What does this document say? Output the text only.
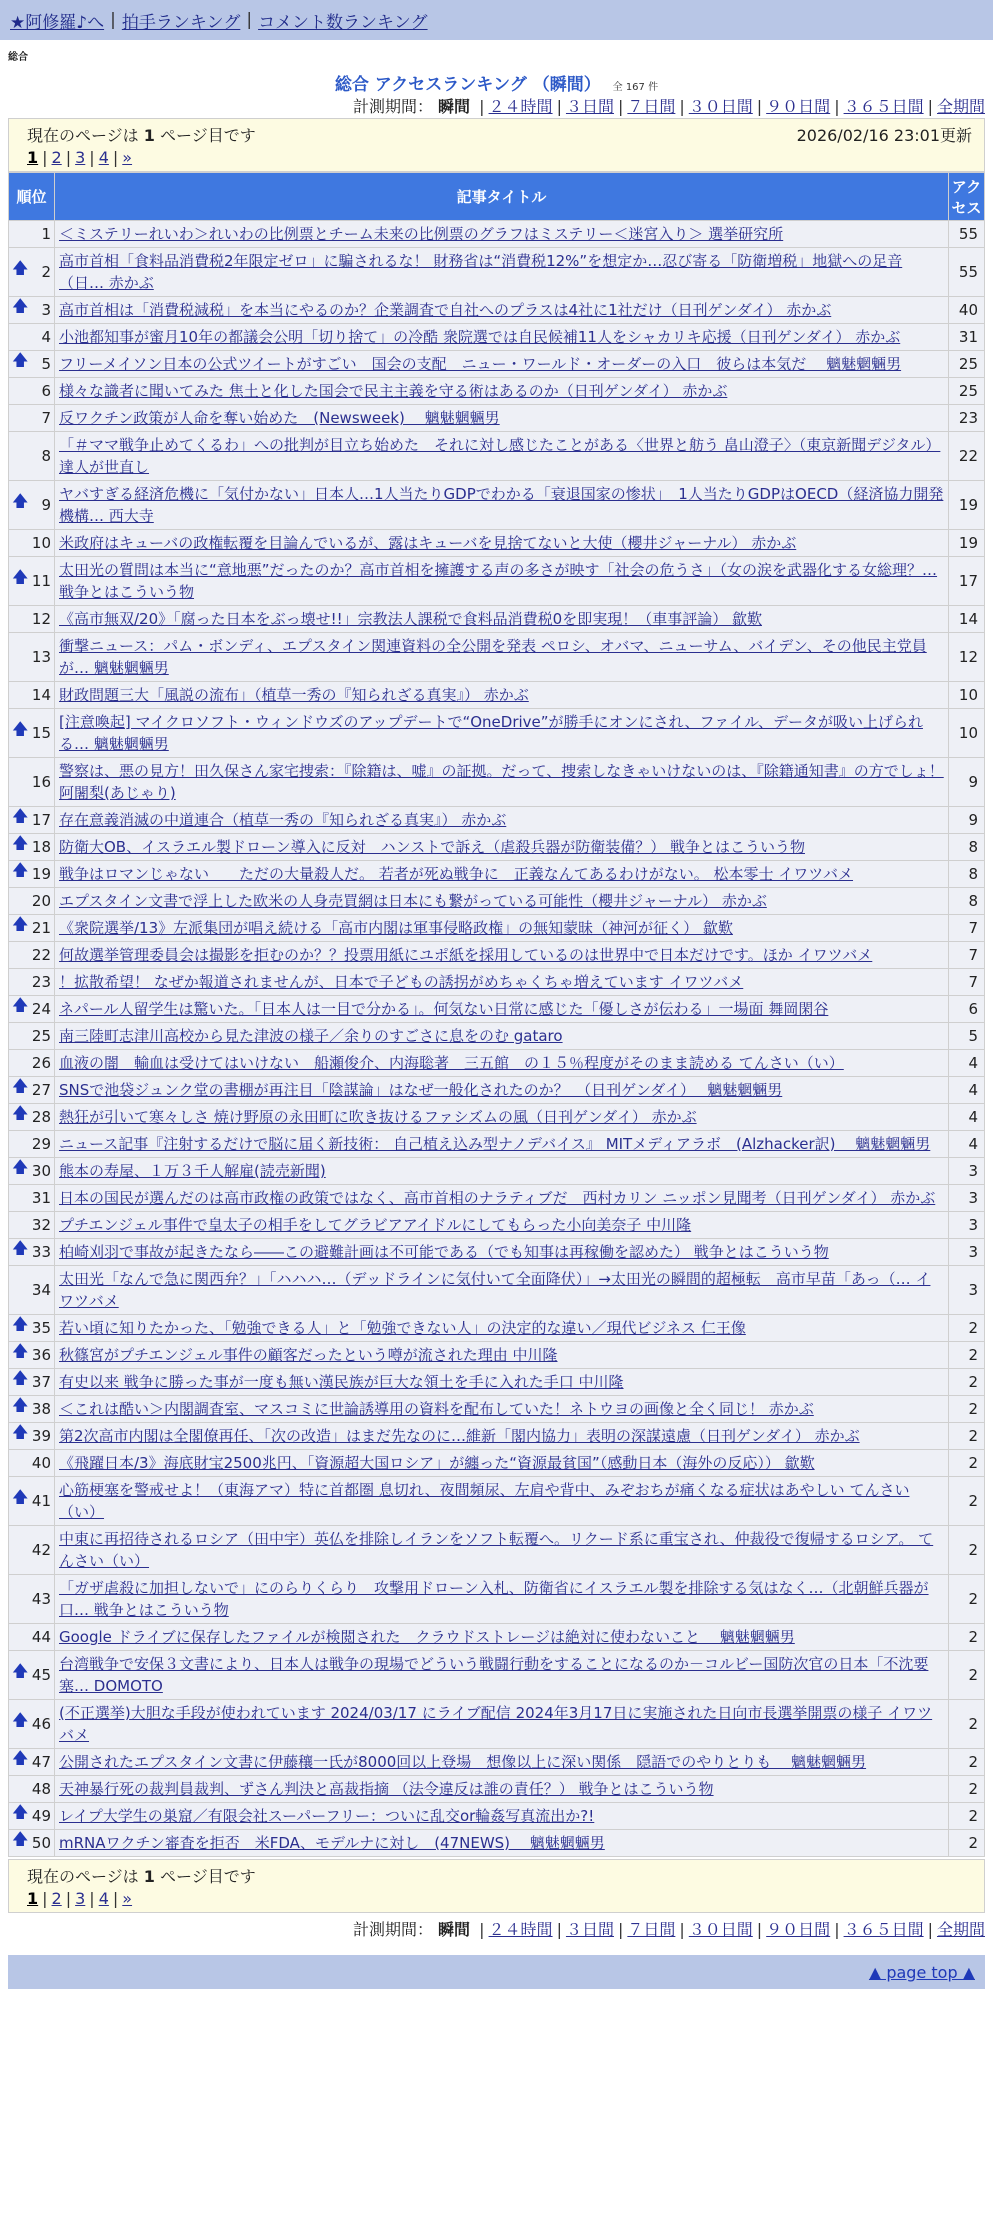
★阿修羅♪へ | 拍手ランキング | コメント数ランキング
総合
総合 アクセスランキング （瞬間） 全 167 件
計測期間： 瞬間 | ２４時間 | ３日間 | ７日間 | ３０日間 | ９０日間 | ３６５日間 | 全期間
現在のページは 1 ページ目です	2026/02/16 23:01更新
1 | 2 | 3 | 4 | »
順位	記事タイトル	アクセス
1	＜ミステリーれいわ＞れいわの比例票とチーム未来の比例票のグラフはミステリー＜迷宮入り＞ 選挙研究所	55

🡅 2	高市首相「食料品消費税2年限定ゼロ」に騙されるな！ 財務省は“消費税12%”を想定か…忍び寄る「防衛増税」地獄への足音（日… 赤かぶ	55

🡅 3	高市首相は「消費税減税」を本当にやるのか？企業調査で自社へのプラスは4社に1社だけ（日刊ゲンダイ） 赤かぶ	40
4	小池都知事が蜜月10年の都議会公明「切り捨て」の冷酷 衆院選では自民候補11人をシャカリキ応援（日刊ゲンダイ） 赤かぶ	31

🡅 5	フリーメイソン日本の公式ツイートがすごい　国会の支配　ニュー・ワールド・オーダーの入口　彼らは本気だ　 魑魅魍魎男	25
6	様々な識者に聞いてみた 焦土と化した国会で民主主義を守る術はあるのか（日刊ゲンダイ） 赤かぶ	25
7	反ワクチン政策が人命を奪い始めた　(Newsweek)　 魑魅魍魎男	23
8	「＃ママ戦争止めてくるわ」への批判が目立ち始めた　それに対し感じたことがある〈世界と舫う 畠山澄子〉（東京新聞デジタル） 達人が世直し	22

🡅 9	ヤバすぎる経済危機に「気付かない」日本人…1人当たりGDPでわかる「衰退国家の惨状」　1人当たりGDPはOECD（経済協力開発機構… 西大寺	19
10	米政府はキューバの政権転覆を目論んでいるが、露はキューバを見捨てないと大使（櫻井ジャーナル） 赤かぶ	19

🡅 11	太田光の質問は本当に“意地悪”だったのか？高市首相を擁護する声の多さが映す「社会の危うさ」（女の涙を武器化する女総理？… 戦争とはこういう物	17
12	《高市無双/20》「腐った日本をぶっ壊せ!!」宗教法人課税で食料品消費税0を即実現！（車事評論） 歙歎	14
13	衝撃ニュース：パム・ボンディ、エプスタイン関連資料の全公開を発表 ペロシ、オバマ、ニューサム、バイデン、その他民主党員が… 魑魅魍魎男	12
14	財政問題三大「風説の流布」（植草一秀の『知られざる真実』） 赤かぶ	10

🡅 15	[注意喚起] マイクロソフト・ウィンドウズのアップデートで“OneDrive”が勝手にオンにされ、ファイル、データが吸い上げられる… 魑魅魍魎男	10
16	警察は、悪の見方！田久保さん家宅捜索：『除籍は、嘘』の証拠。だって、捜索しなきゃいけないのは、『除籍通知書』の方でしょ！ 阿闍梨(あじゃり)	9

🡅 17	存在意義消滅の中道連合（植草一秀の『知られざる真実』） 赤かぶ	9

🡅 18	防衛大OB、イスラエル製ドローン導入に反対　ハンストで訴え（虐殺兵器が防衛装備？） 戦争とはこういう物	8

🡅 19	戦争はロマンじゃない　　ただの大量殺人だ。 若者が死ぬ戦争に　正義なんてあるわけがない。 松本零士 イワツバメ	8
20	エプスタイン文書で浮上した欧米の人身売買網は日本にも繋がっている可能性（櫻井ジャーナル） 赤かぶ	8

🡅 21	《衆院選挙/13》左派集団が唱え続ける「高市内閣は軍事侵略政権」の無知蒙昧（神河が征く） 歙歎	7
22	何故選挙管理委員会は撮影を拒むのか？？投票用紙にユポ紙を採用しているのは世界中で日本だけです。ほか イワツバメ	7
23	！拡散希望！ なぜか報道されませんが、日本で子どもの誘拐がめちゃくちゃ増えています イワツバメ	7

🡅 24	ネパール人留学生は驚いた。「日本人は一目で分かる」。何気ない日常に感じた「優しさが伝わる」一場面 舞岡閑谷	6
25	南三陸町志津川高校から見た津波の様子／余りのすごさに息をのむ gataro	5
26	血液の闇　輸血は受けてはいけない　船瀬俊介、内海聡著　三五館　の１５％程度がそのまま読める てんさい（い）	4

🡅 27	SNSで池袋ジュンク堂の書棚が再注目「陰謀論」はなぜ一般化されたのか？　（日刊ゲンダイ）　 魑魅魍魎男	4

🡅 28	熱狂が引いて寒々しさ 焼け野原の永田町に吹き抜けるファシズムの風（日刊ゲンダイ） 赤かぶ	4
29	ニュース記事『注射するだけで脳に届く新技術： 自己植え込み型ナノデバイス』 MITメディアラボ　(Alzhacker訳)　 魑魅魍魎男	4

🡅 30	熊本の寿屋、１万３千人解雇(読売新聞)	3
31	日本の国民が選んだのは高市政権の政策ではなく、高市首相のナラティブだ　西村カリン ニッポン見聞考（日刊ゲンダイ） 赤かぶ	3
32	プチエンジェル事件で皇太子の相手をしてグラビアアイドルにしてもらった小向美奈子 中川隆	3

🡅 33	柏崎刈羽で事故が起きたなら――この避難計画は不可能である（でも知事は再稼働を認めた） 戦争とはこういう物	3
34	太田光「なんで急に関西弁？」「ハハハ…（デッドラインに気付いて全面降伏）」→太田光の瞬間的超極転　高市早苗「あっ（… イワツバメ	3

🡅 35	若い頃に知りたかった、「勉強できる人」と「勉強できない人」の決定的な違い／現代ビジネス 仁王像	2

🡅 36	秋篠宮がプチエンジェル事件の顧客だったという噂が流された理由 中川隆	2

🡅 37	有史以来 戦争に勝った事が一度も無い漢民族が巨大な領土を手に入れた手口 中川隆	2

🡅 38	＜これは酷い＞内閣調査室、マスコミに世論誘導用の資料を配布していた！ネトウヨの画像と全く同じ！ 赤かぶ	2

🡅 39	第2次高市内閣は全閣僚再任、「次の改造」はまだ先なのに…維新「閣内協力」表明の深謀遠慮（日刊ゲンダイ） 赤かぶ	2
40	《飛躍日本/3》海底財宝2500兆円、「資源超大国ロシア」が纏った“資源最貧国”（感動日本（海外の反応）） 歙歎	2

🡅 41	心筋梗塞を警戒せよ！（東海アマ）特に首都圏 息切れ、夜間頻尿、左肩や背中、みぞおちが痛くなる症状はあやしい てんさい（い）	2
42	中東に再招待されるロシア（田中宇）英仏を排除しイランをソフト転覆へ。リクード系に重宝され、仲裁役で復帰するロシア。 てんさい（い）	2
43	「ガザ虐殺に加担しないで」にのらりくらり　攻撃用ドローン入札、防衛省にイスラエル製を排除する気はなく…（北朝鮮兵器が口… 戦争とはこういう物	2
44	Google ドライブに保存したファイルが検閲された　クラウドストレージは絶対に使わないこと　 魑魅魍魎男	2

🡅 45	台湾戦争で安保３文書により、日本人は戦争の現場でどういう戦闘行動をすることになるのか－コルビー国防次官の日本「不沈要塞… DOMOTO	2

🡅 46	(不正選挙)大胆な手段が使われています 2024/03/17 にライブ配信 2024年3月17日に実施された日向市長選挙開票の様子 イワツバメ	2

🡅 47	公開されたエプスタイン文書に伊藤穰一氏が8000回以上登場　想像以上に深い関係　隠語でのやりとりも　 魑魅魍魎男	2
48	天神暴行死の裁判員裁判、ずさん判決と高裁指摘 （法令違反は誰の責任？） 戦争とはこういう物	2

🡅 49	レイプ大学生の巣窟／有限会社スーパーフリー：ついに乱交or輪姦写真流出か?!	2

🡅 50	mRNAワクチン審査を拒否　米FDA、モデルナに対し　(47NEWS)　 魑魅魍魎男	2
現在のページは 1 ページ目です
1 | 2 | 3 | 4 | »
計測期間： 瞬間 | ２４時間 | ３日間 | ７日間 | ３０日間 | ９０日間 | ３６５日間 | 全期間
▲ page top ▲
